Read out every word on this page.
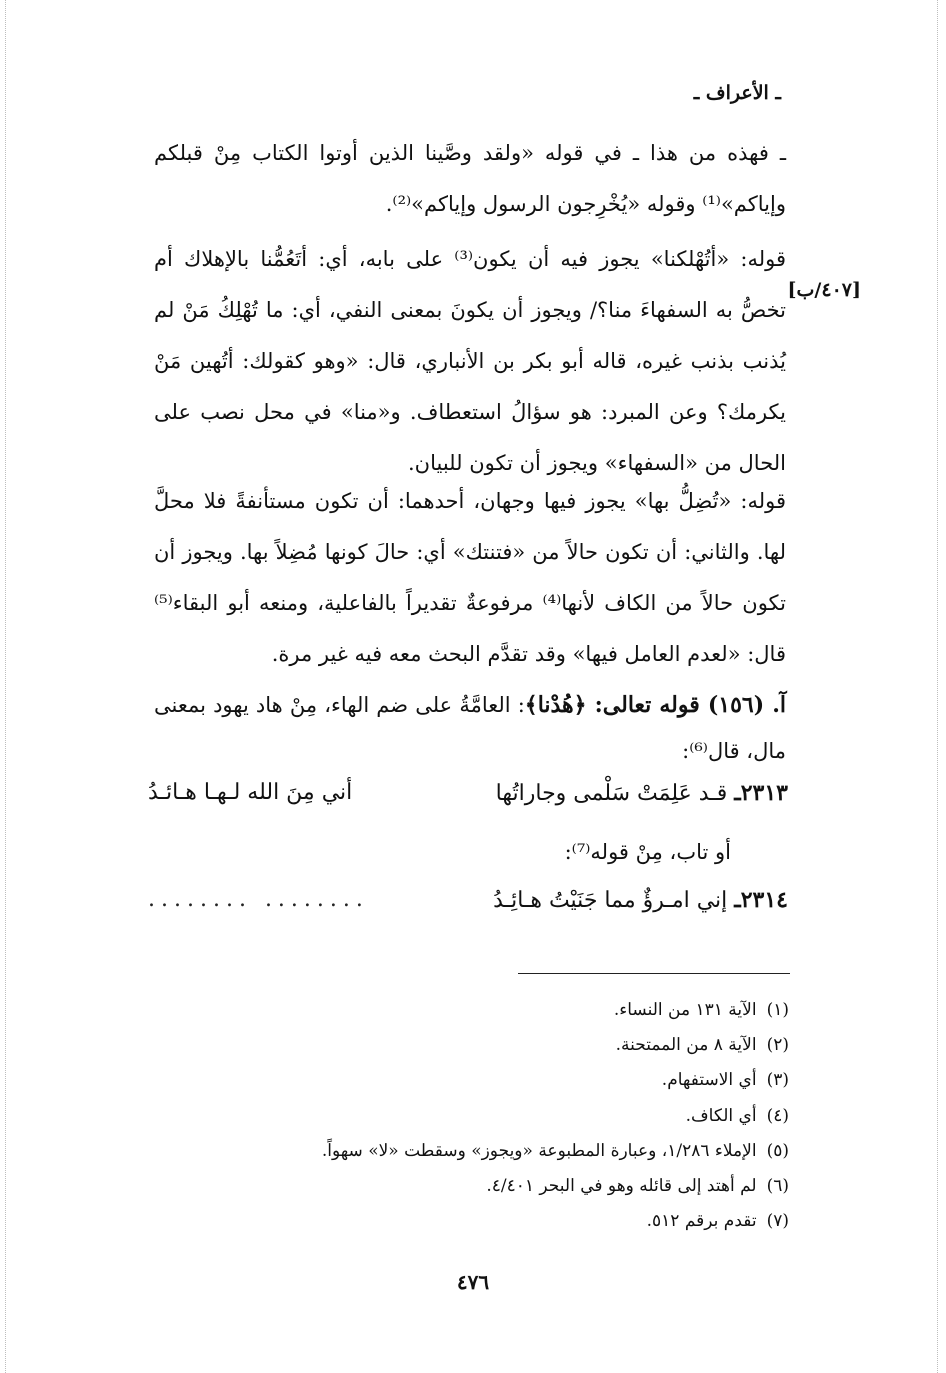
ـ الأعراف ـ
[٤٠٧/ب]

ـ فهذه من هذا ـ في قوله «ولقد وصَّينا الذين أوتوا الكتاب مِنْ قبلكم وإياكم»⁽¹⁾ وقوله «يُخْرِجون الرسول وإياكم»⁽²⁾.

قوله: «أتُهْلكنا» يجوز فيه أن يكون⁽³⁾ على بابه، أي: أتَعُمُّنا بالإهلاك أم تخصُّ به السفهاءَ منا؟/ ويجوز أن يكونَ بمعنى النفي، أي: ما تُهْلِكُ مَنْ لم يُذنب بذنب غيره، قاله أبو بكر بن الأنباري، قال: «وهو كقولك: أتُهين مَنْ يكرمك؟ وعن المبرد: هو سؤالُ استعطاف. و«منا» في محل نصب على الحال من «السفهاء» ويجوز أن تكون للبيان.

قوله: «تُضِلُّ بها» يجوز فيها وجهان، أحدهما: أن تكون مستأنفةً فلا محلَّ لها. والثاني: أن تكون حالاً من «فتنتك» أي: حالَ كونها مُضِلاً بها. ويجوز أن تكون حالاً من الكاف لأنها⁽⁴⁾ مرفوعةٌ تقديراً بالفاعلية، ومنعه أبو البقاء⁽⁵⁾ قال: «لعدم العامل فيها» وقد تقدَّم البحث معه فيه غير مرة.

آ. (١٥٦) قوله تعالى: ﴿هُدْنا﴾: العامَّةُ على ضم الهاء، مِنْ هاد يهود بمعنى مال، قال⁽⁶⁾:

٢٣١٣ـ قـد عَلِمَتْ سَلْمى وجاراتُها
أني مِنَ الله لـهـا هـائـدُ
أو تاب، مِنْ قوله⁽⁷⁾:
٢٣١٤ـ إني امـرؤٌ مما جَنَيْتُ هـائِـدُ
........ ........
(١)الآية ١٣١ من النساء.
(٢)الآية ٨ من الممتحنة.
(٣)أي الاستفهام.
(٤)أي الكاف.
(٥)الإملاء ١/٢٨٦، وعبارة المطبوعة «ويجوز» وسقطت «لا» سهواً.
(٦)لم أهتد إلى قائله وهو في البحر ٤/٤٠١.
(٧)تقدم برقم ٥١٢.
٤٧٦
